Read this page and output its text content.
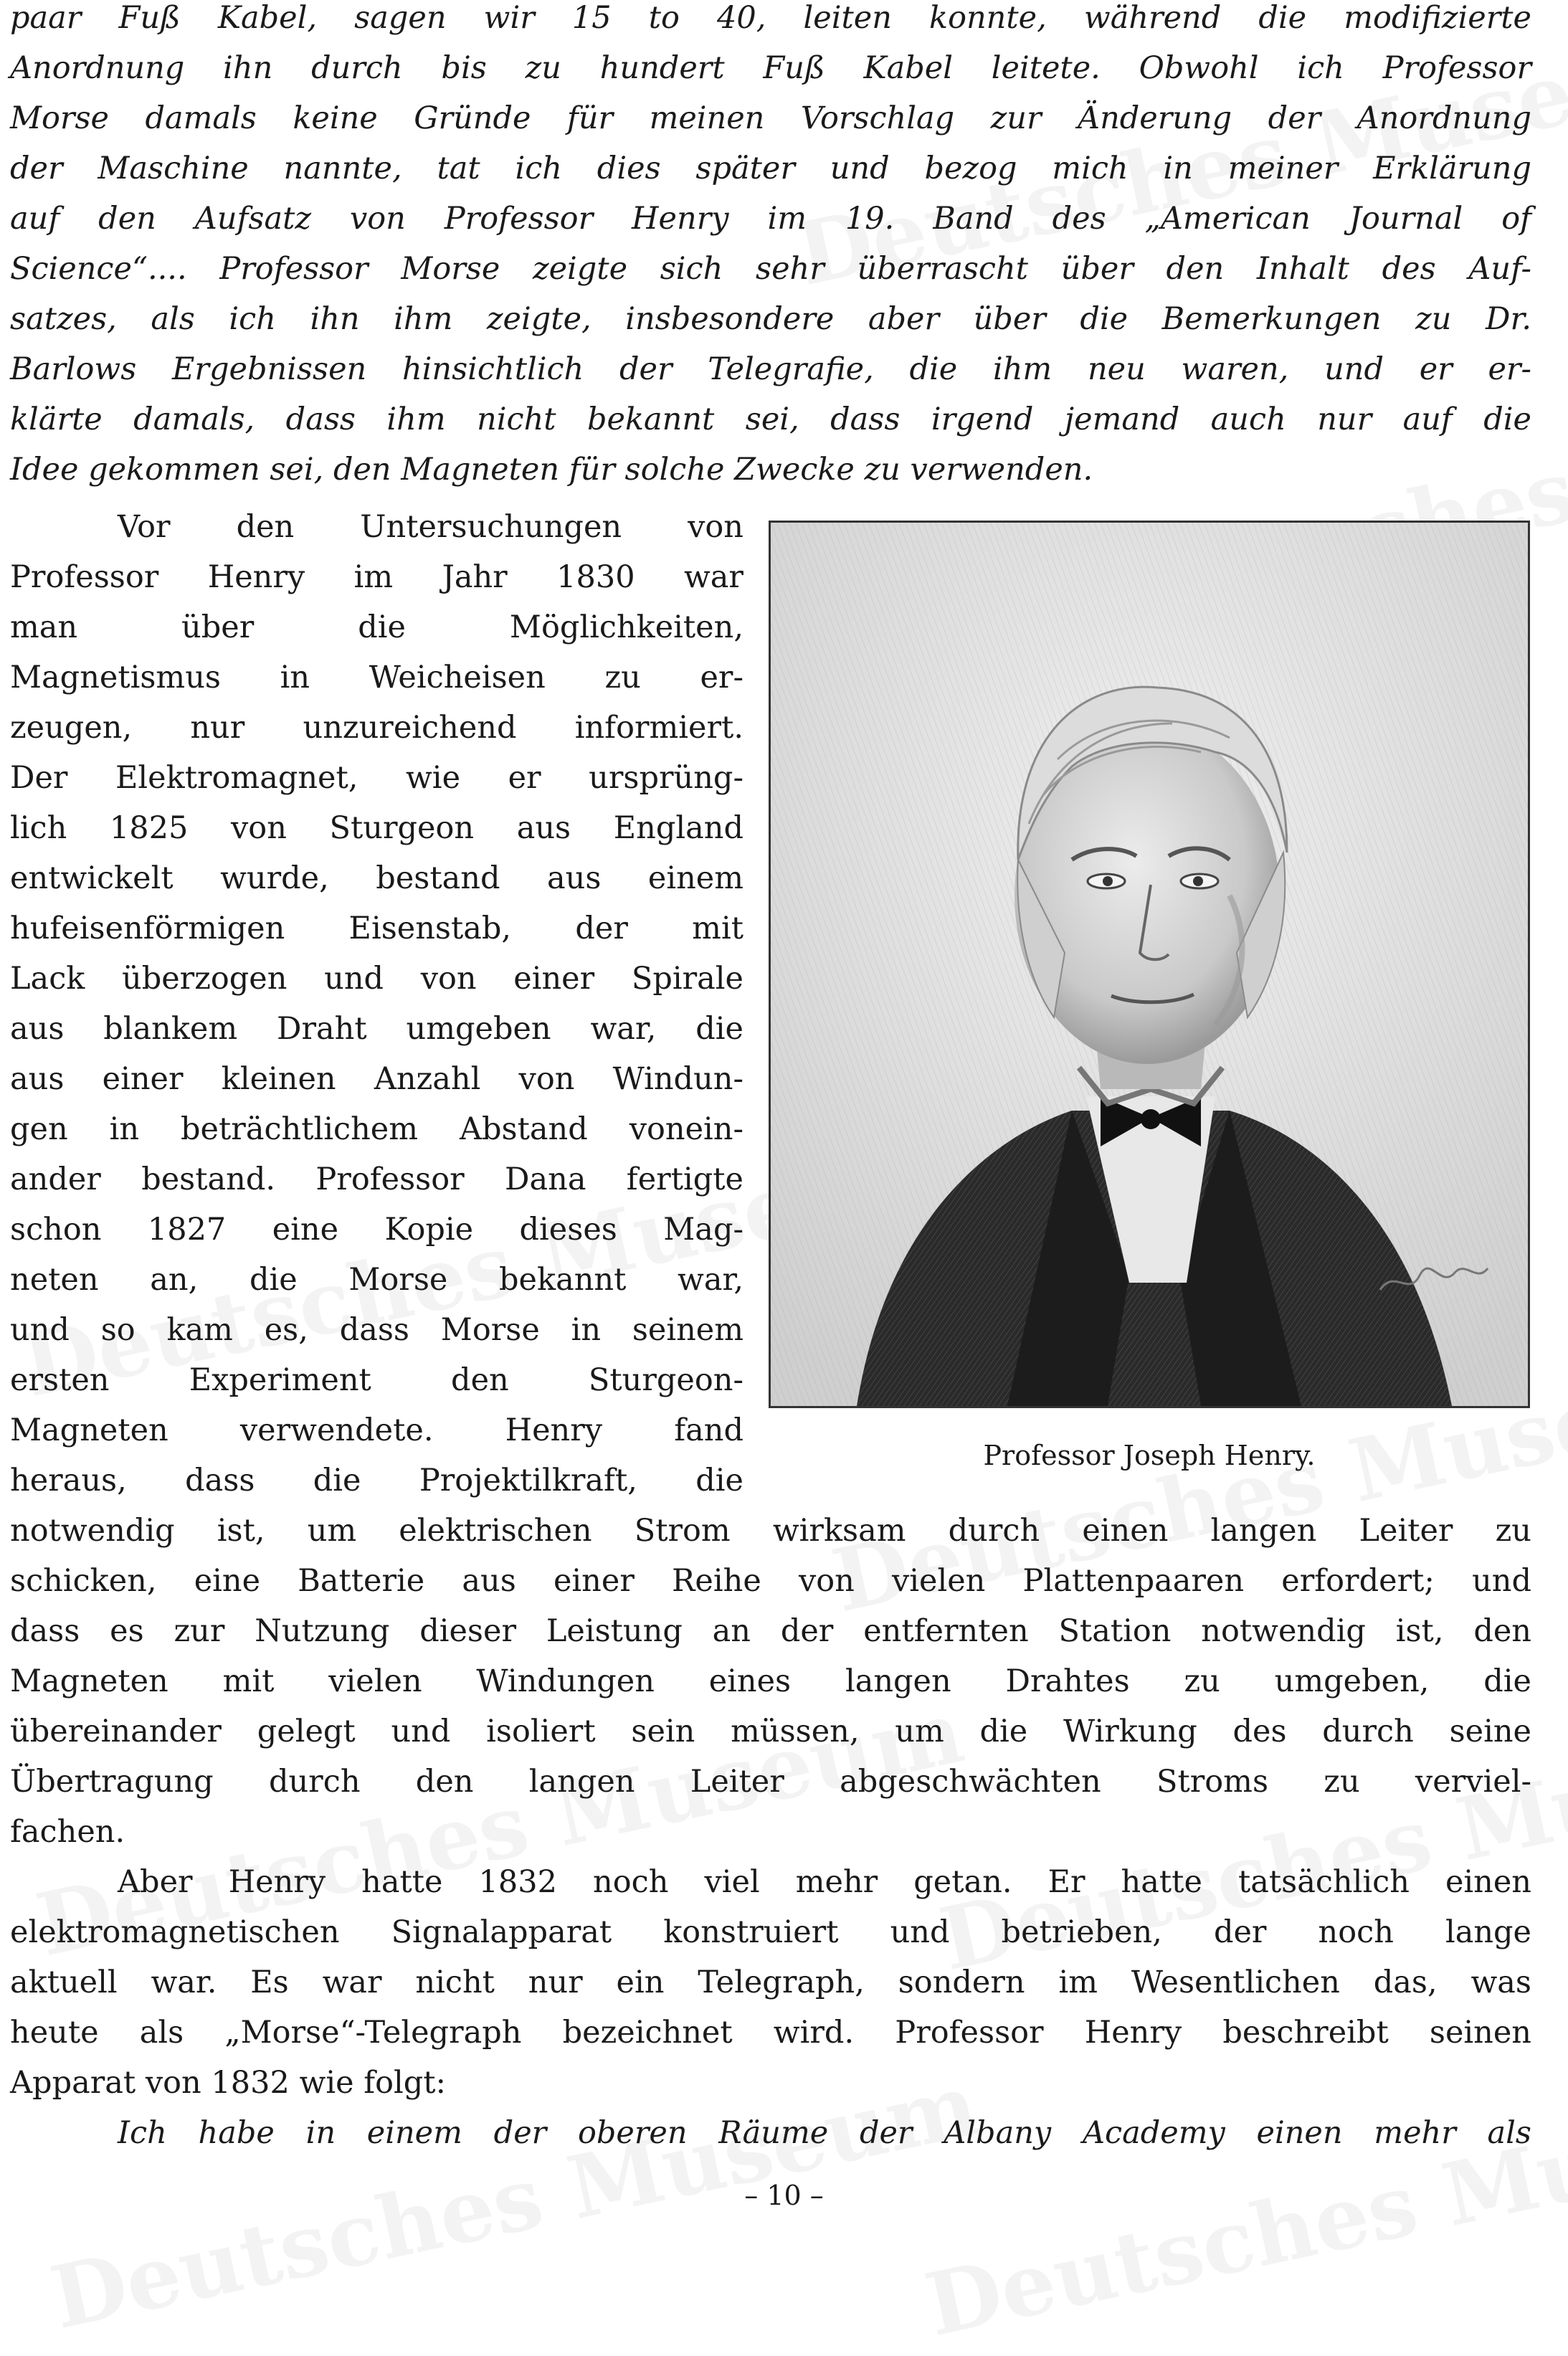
paar Fuß Kabel, sagen wir 15 to 40, leiten konnte, während die modifizierte

Anordnung ihn durch bis zu hundert Fuß Kabel leitete. Obwohl ich Professor

Morse damals keine Gründe für meinen Vorschlag zur Änderung der Anordnung

der Maschine nannte, tat ich dies später und bezog mich in meiner Erklärung

auf den Aufsatz von Professor Henry im 19. Band des „American Journal of

Science“.... Professor Morse zeigte sich sehr überrascht über den Inhalt des Auf-

satzes, als ich ihn ihm zeigte, insbesondere aber über die Bemerkungen zu Dr.

Barlows Ergebnissen hinsichtlich der Telegrafie, die ihm neu waren, und er er-

klärte damals, dass ihm nicht bekannt sei, dass irgend jemand auch nur auf die

Idee gekommen sei, den Magneten für solche Zwecke zu verwenden.

Vor den Untersuchungen von

Professor Henry im Jahr 1830 war

man über die Möglichkeiten,

Magnetismus in Weicheisen zu er-

zeugen, nur unzureichend informiert.

Der Elektromagnet, wie er ursprüng-

lich 1825 von Sturgeon aus England

entwickelt wurde, bestand aus einem

hufeisenförmigen Eisenstab, der mit

Lack überzogen und von einer Spirale

aus blankem Draht umgeben war, die

aus einer kleinen Anzahl von Windun-

gen in beträchtlichem Abstand vonein-

ander bestand. Professor Dana fertigte

schon 1827 eine Kopie dieses Mag-

neten an, die Morse bekannt war,

und so kam es, dass Morse in seinem

ersten Experiment den Sturgeon-

Magneten verwendete. Henry fand

heraus, dass die Projektilkraft, die

Professor Joseph Henry.

notwendig ist, um elektrischen Strom wirksam durch einen langen Leiter zu

schicken, eine Batterie aus einer Reihe von vielen Plattenpaaren erfordert; und

dass es zur Nutzung dieser Leistung an der entfernten Station notwendig ist, den

Magneten mit vielen Windungen eines langen Drahtes zu umgeben, die

übereinander gelegt und isoliert sein müssen, um die Wirkung des durch seine

Übertragung durch den langen Leiter abgeschwächten Stroms zu verviel-

fachen.

Aber Henry hatte 1832 noch viel mehr getan. Er hatte tatsächlich einen

elektromagnetischen Signalapparat konstruiert und betrieben, der noch lange

aktuell war. Es war nicht nur ein Telegraph, sondern im Wesentlichen das, was

heute als „Morse“-Telegraph bezeichnet wird. Professor Henry beschreibt seinen

Apparat von 1832 wie folgt:

Ich habe in einem der oberen Räume der Albany Academy einen mehr als

– 10 –
